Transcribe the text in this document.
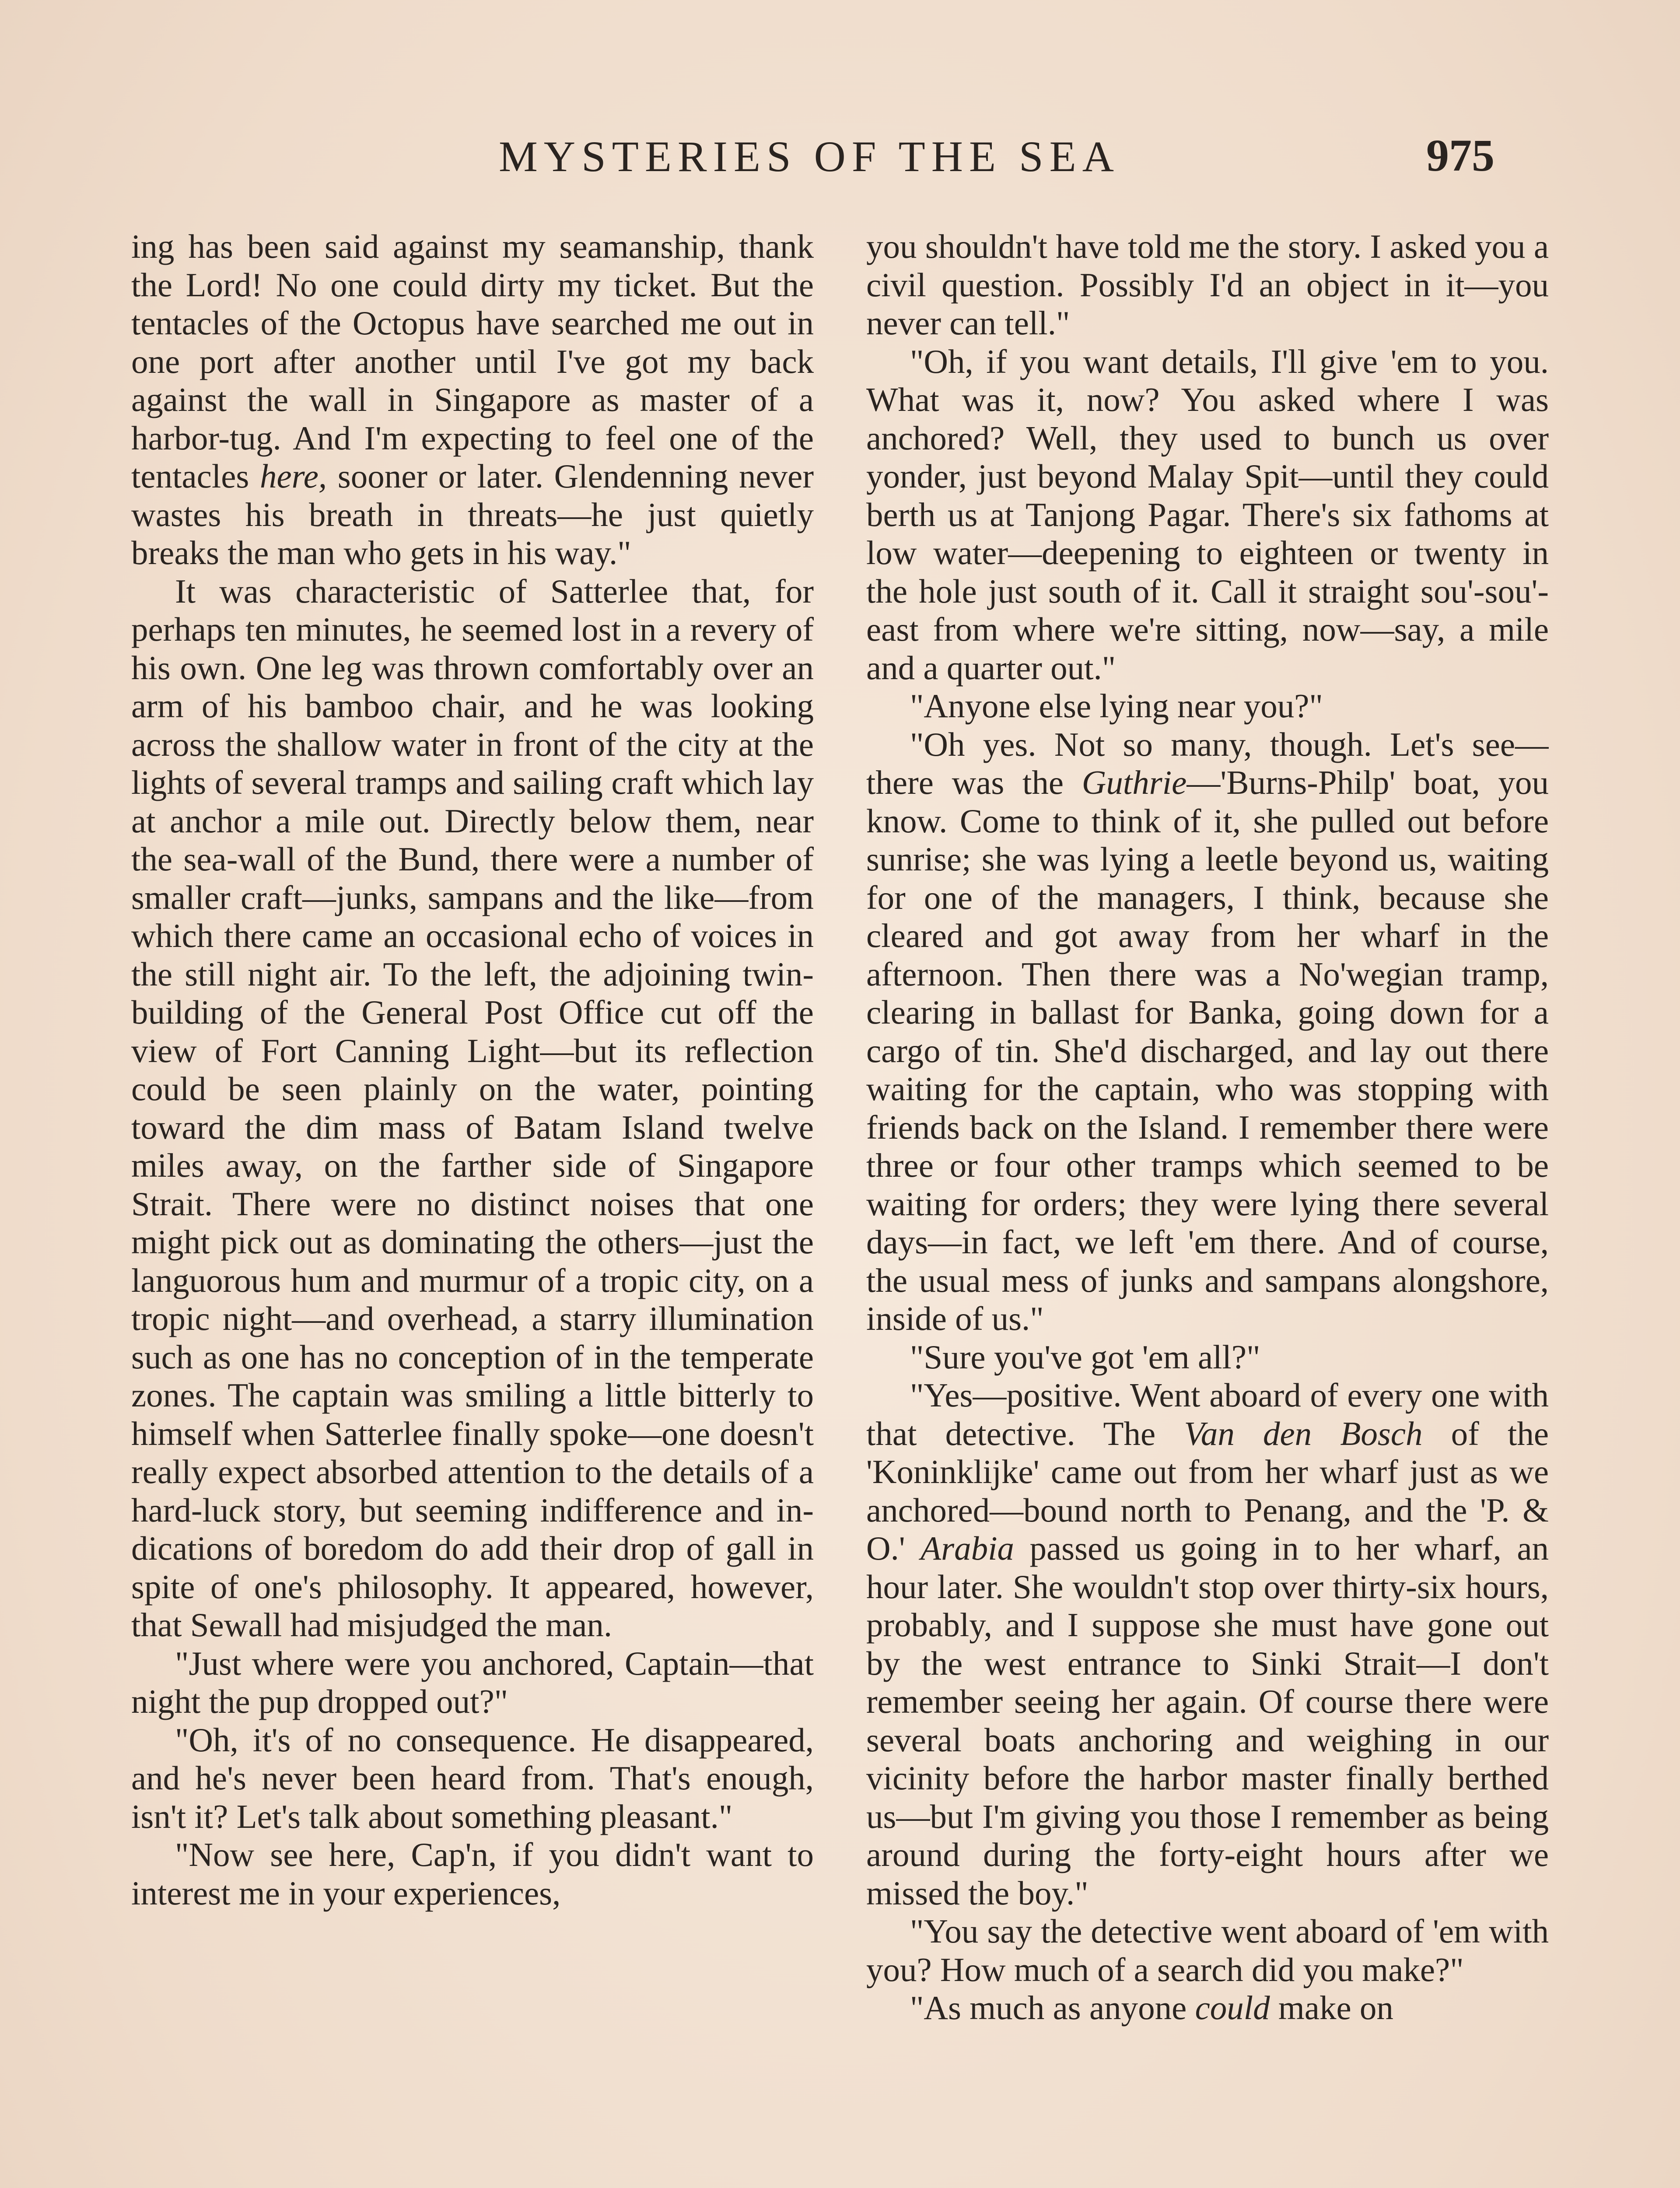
MYSTERIES OF THE SEA	975

ing has been said against my seamanship, thank the Lord! No one could dirty my ticket. But the tentacles of the Octopus have searched me out in one port after another until I've got my back against the wall in Singapore as master of a harbor-tug. And I'm expecting to feel one of the tentacles here, sooner or later. Glendenning never wastes his breath in threats—he just quietly breaks the man who gets in his way."

It was characteristic of Satterlee that, for perhaps ten minutes, he seemed lost in a revery of his own. One leg was thrown comfortably over an arm of his bamboo chair, and he was looking across the shallow water in front of the city at the lights of several tramps and sailing craft which lay at anchor a mile out. Directly below them, near the sea-wall of the Bund, there were a number of smaller craft—junks, sampans and the like—from which there came an occasional echo of voices in the still night air. To the left, the adjoining twin-building of the General Post Office cut off the view of Fort Canning Light—but its reflection could be seen plainly on the water, pointing toward the dim mass of Batam Island twelve miles away, on the farther side of Singapore Strait. There were no distinct noises that one might pick out as dominating the others—just the languorous hum and murmur of a tropic city, on a tropic night—and overhead, a starry illumination such as one has no conception of in the temperate zones. The captain was smiling a little bitterly to himself when Satterlee finally spoke—one doesn't really expect absorbed attention to the details of a hard-luck story, but seeming indifference and indications of boredom do add their drop of gall in spite of one's philosophy. It appeared, however, that Sewall had misjudged the man.

"Just where were you anchored, Captain—that night the pup dropped out?"

"Oh, it's of no consequence. He disappeared, and he's never been heard from. That's enough, isn't it? Let's talk about something pleasant."

"Now see here, Cap'n, if you didn't want to interest me in your experiences,

you shouldn't have told me the story. I asked you a civil question. Possibly I'd an object in it—you never can tell."

"Oh, if you want details, I'll give 'em to you. What was it, now? You asked where I was anchored? Well, they used to bunch us over yonder, just beyond Malay Spit—until they could berth us at Tanjong Pagar. There's six fathoms at low water—deepening to eighteen or twenty in the hole just south of it. Call it straight sou'-sou'-east from where we're sitting, now—say, a mile and a quarter out."

"Anyone else lying near you?"

"Oh yes. Not so many, though. Let's see—there was the Guthrie—'Burns-Philp' boat, you know. Come to think of it, she pulled out before sunrise; she was lying a leetle beyond us, waiting for one of the managers, I think, because she cleared and got away from her wharf in the afternoon. Then there was a No'wegian tramp, clearing in ballast for Banka, going down for a cargo of tin. She'd discharged, and lay out there waiting for the captain, who was stopping with friends back on the Island. I remember there were three or four other tramps which seemed to be waiting for orders; they were lying there several days—in fact, we left 'em there. And of course, the usual mess of junks and sampans alongshore, inside of us."

"Sure you've got 'em all?"

"Yes—positive. Went aboard of every one with that detective. The Van den Bosch of the 'Koninklijke' came out from her wharf just as we anchored—bound north to Penang, and the 'P. & O.' Arabia passed us going in to her wharf, an hour later. She wouldn't stop over thirty-six hours, probably, and I suppose she must have gone out by the west entrance to Sinki Strait—I don't remember seeing her again. Of course there were several boats anchoring and weighing in our vicinity before the harbor master finally berthed us—but I'm giving you those I remember as being around during the forty-eight hours after we missed the boy."

"You say the detective went aboard of 'em with you? How much of a search did you make?"

"As much as anyone could make on
